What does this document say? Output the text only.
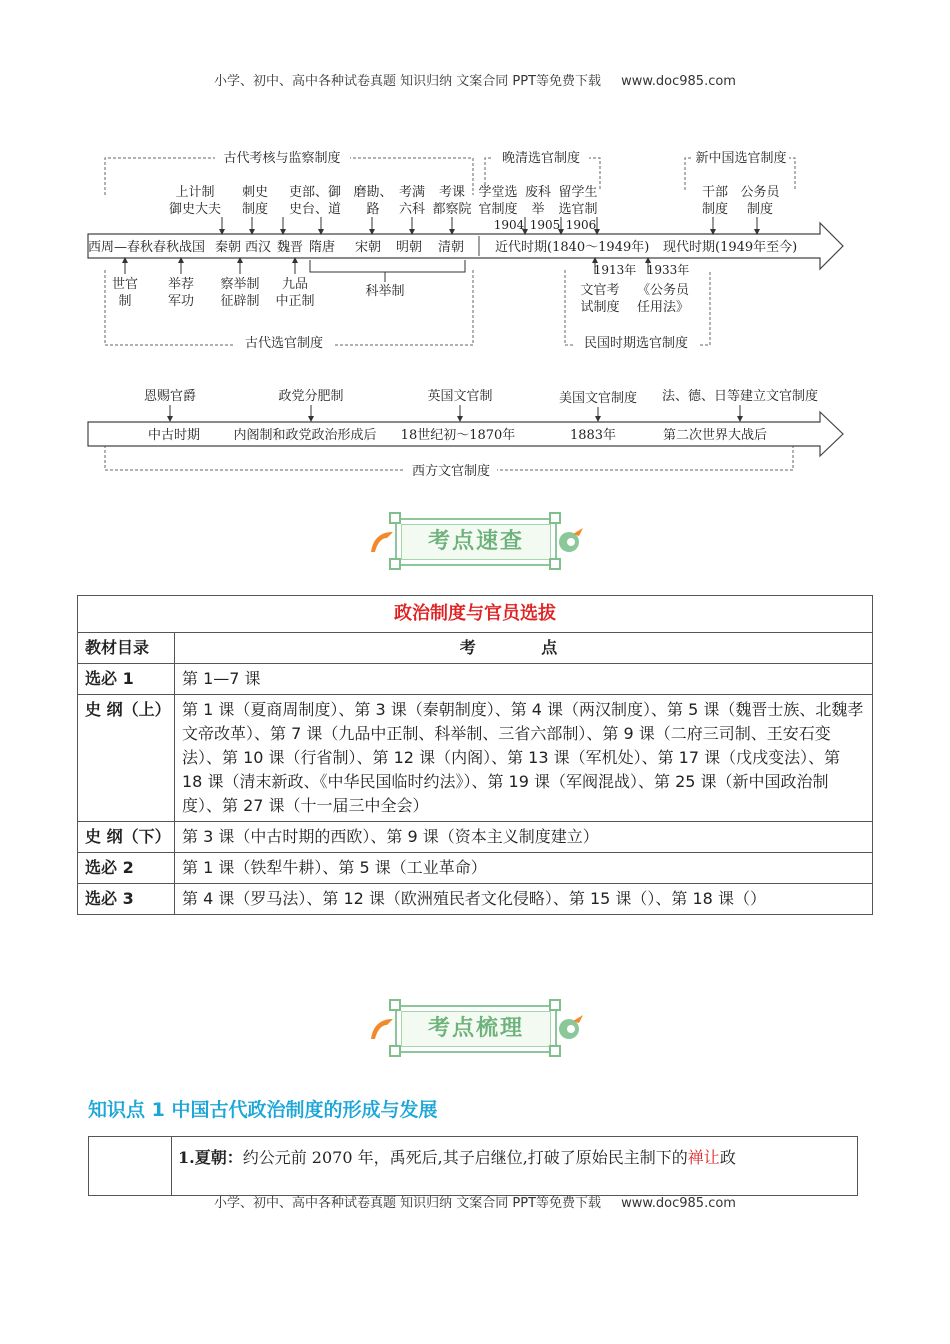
小学、初中、高中各种试卷真题 知识归纳 文案合同 PPT等免费下载 www.doc985.com
古代考核与监察制度	晚清选官制度	新中国选官制度
古代选官制度	民国时期选官制度
西周—春秋 春秋战国 秦朝 西汉 魏晋 隋唐 宋朝 明朝 清朝 近代时期(1840～1949年) 现代时期(1949年至今)
上计制
御史大夫
刺史
制度
吏部、御
史台、道
磨勘、
路
考满
六科
考课
都察院
学堂选
官制度
废科
举
留学生
选官制
干部
制度
公务员
制度
1904 1905 1906
世官
制
举荐
军功
察举制
征辟制
九品
中正制
科举制
1913年 1933年
文官考
试制度
《公务员
任用法》
西方文官制度
恩赐官爵	政党分肥制	英国文官制	美国文官制度 法、德、日等建立文官制度
中古时期	内阁制和政党政治形成后 18世纪初～1870年	1883年	第二次世界大战后
考点速查
政治制度与官员选拔	
教材目录	考 点
选必 1	第 1—7 课
史 纲（上）	第 1 课（夏商周制度）、第 3 课（秦朝制度）、第 4 课（两汉制度）、第 5 课（魏晋士族、北魏孝文帝改革）、第 7 课（九品中正制、科举制、三省六部制）、第 9 课（二府三司制、王安石变法）、第 10 课（行省制）、第 12 课（内阁）、第 13 课（军机处）、第 17 课（戊戌变法）、第 18 课（清末新政、《中华民国临时约法》）、第 19 课（军阀混战）、第 25 课（新中国政治制度）、第 27 课（十一届三中全会）
史 纲（下）	第 3 课（中古时期的西欧）、第 9 课（资本主义制度建立）
选必 2	第 1 课（铁犁牛耕）、第 5 课（工业革命）
选必 3	第 4 课（罗马法）、第 12 课（欧洲殖民者文化侵略）、第 15 课（）、第 18 课（）
考点梳理
知识点 1 中国古代政治制度的形成与发展
	1.夏朝：约公元前 2070 年，禹死后,其子启继位,打破了原始民主制下的禅让政
小学、初中、高中各种试卷真题 知识归纳 文案合同 PPT等免费下载 www.doc985.com
